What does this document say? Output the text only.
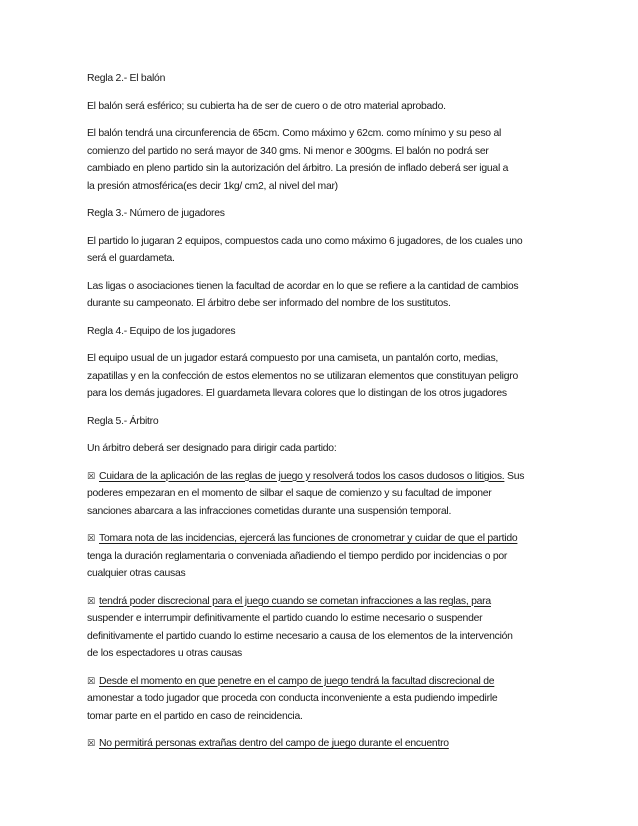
Regla 2.- El balón
El balón será esférico; su cubierta ha de ser de cuero o de otro material aprobado.
El balón tendrá una circunferencia de 65cm. Como máximo y 62cm. como mínimo y su peso al
comienzo del partido no será mayor de 340 gms. Ni menor e 300gms. El balón no podrá ser
cambiado en pleno partido sin la autorización del árbitro. La presión de inflado deberá ser igual a
la presión atmosférica(es decir 1kg/ cm2, al nivel del mar)
Regla 3.- Número de jugadores
El partido lo jugaran 2 equipos, compuestos cada uno como máximo 6 jugadores, de los cuales uno
será el guardameta.
Las ligas o asociaciones tienen la facultad de acordar en lo que se refiere a la cantidad de cambios
durante su campeonato. El árbitro debe ser informado del nombre de los sustitutos.
Regla 4.- Equipo de los jugadores
El equipo usual de un jugador estará compuesto por una camiseta, un pantalón corto, medias,
zapatillas y en la confección de estos elementos no se utilizaran elementos que constituyan peligro
para los demás jugadores. El guardameta llevara colores que lo distingan de los otros jugadores
Regla 5.- Árbitro
Un árbitro deberá ser designado para dirigir cada partido:
☒ Cuidara de la aplicación de las reglas de juego y resolverá todos los casos dudosos o litigios. Sus
poderes empezaran en el momento de silbar el saque de comienzo y su facultad de imponer
sanciones abarcara a las infracciones cometidas durante una suspensión temporal.
☒ Tomara nota de las incidencias, ejercerá las funciones de cronometrar y cuidar de que el partido
tenga la duración reglamentaria o conveniada añadiendo el tiempo perdido por incidencias o por
cualquier otras causas
☒ tendrá poder discrecional para el juego cuando se cometan infracciones a las reglas, para
suspender e interrumpir definitivamente el partido cuando lo estime necesario o suspender
definitivamente el partido cuando lo estime necesario a causa de los elementos de la intervención
de los espectadores u otras causas
☒ Desde el momento en que penetre en el campo de juego tendrá la facultad discrecional de
amonestar a todo jugador que proceda con conducta inconveniente a esta pudiendo impedirle
tomar parte en el partido en caso de reincidencia.
☒ No permitirá personas extrañas dentro del campo de juego durante el encuentro
